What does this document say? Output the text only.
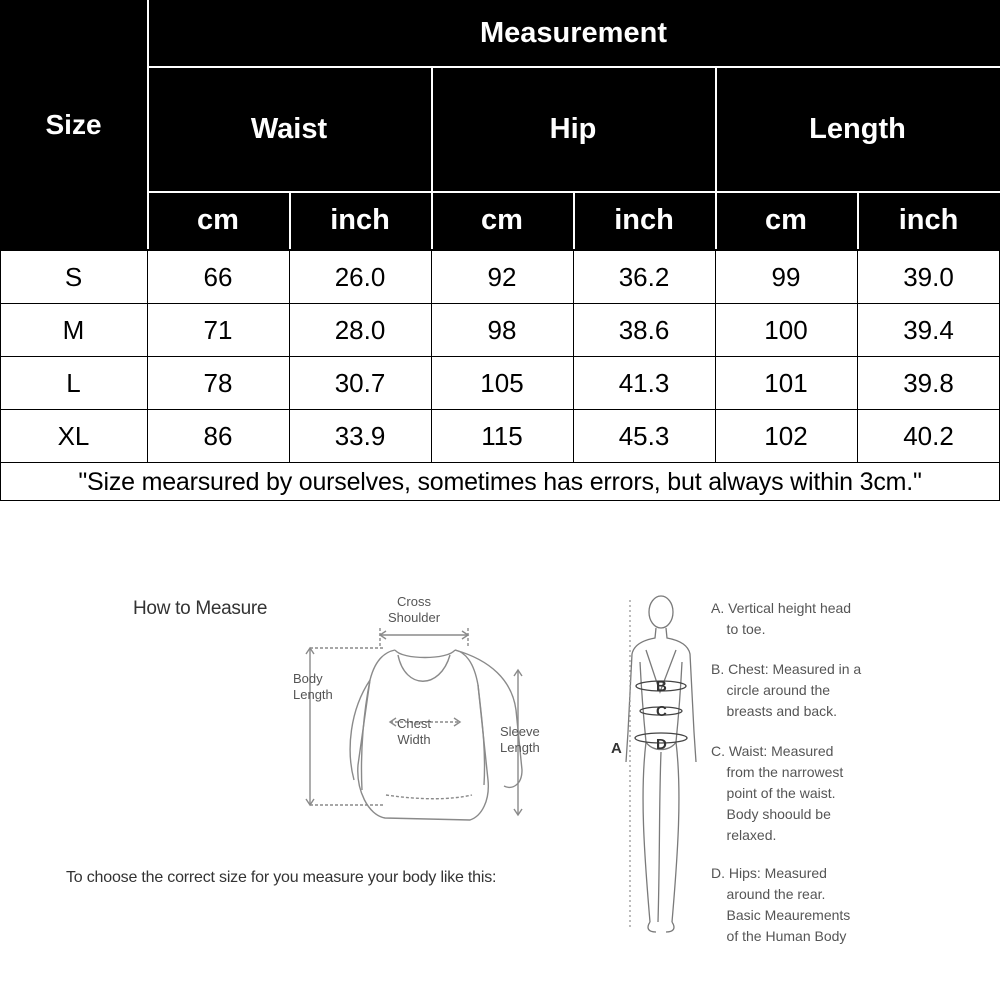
Size
Measurement
Waist	Hip	Length
cm	inch	cm	inch	cm	inch
S	66	26.0	92	36.2	99	39.0
M	71	28.0	98	38.6	100	39.4
L	78	30.7	105	41.3	101	39.8
XL	86	33.9	115	45.3	102	40.2
"Size mearsured by ourselves, sometimes has errors, but always within 3cm."
How to Measure	Cross
Shoulder
Body
Length
Chest
Width
Sleeve
Length
To choose the correct size for you measure your body like this:
A
B
C
D
A. Vertical height head
to toe.
B. Chest: Measured in a
circle around the
breasts and back.
C. Waist: Measured
from the narrowest
point of the waist.
Body shoould be
relaxed.
D. Hips: Measured
around the rear.
Basic Meaurements
of the Human Body
